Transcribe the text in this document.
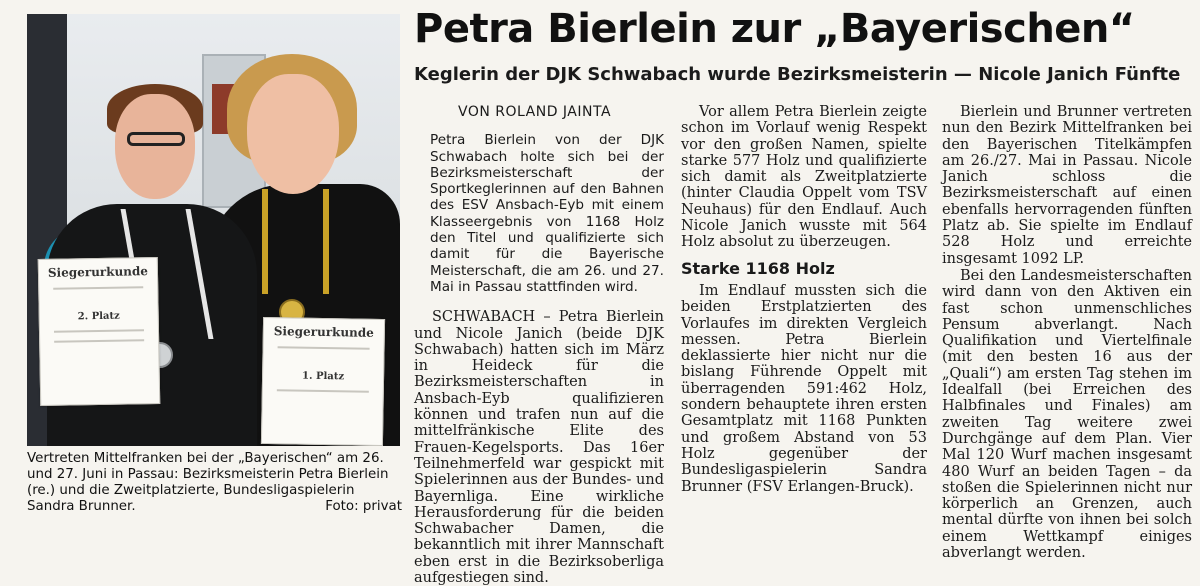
Siegerurkunde
2. Platz
Siegerurkunde
1. Platz
Vertreten Mittelfranken bei der „Bayerischen“ am 26. und 27. Juni in Passau: Bezirksmeisterin Petra Bierlein (re.) und die Zweitplatzierte, Bundesligaspielerin Sandra Brunner.	Foto: privat
Petra Bierlein zur „Bayerischen“
Keglerin der DJK Schwabach wurde Bezirksmeisterin — Nicole Janich Fünfte
VON ROLAND JAINTA

Petra Bierlein von der DJK Schwabach holte sich bei der Bezirksmeisterschaft der Sportkeglerinnen auf den Bahnen des ESV Ansbach-Eyb mit einem Klasseergebnis von 1168 Holz den Titel und qualifizierte sich damit für die Bayerische Meisterschaft, die am 26. und 27. Mai in Passau stattfinden wird.

SCHWABACH – Petra Bierlein und Nicole Janich (beide DJK Schwabach) hatten sich im März in Heideck für die Bezirksmeisterschaften in Ansbach-Eyb qualifizieren können und trafen nun auf die mittelfränkische Elite des Frauen-Kegelsports. Das 16er Teilnehmerfeld war gespickt mit Spielerinnen aus der Bundes- und Bayernliga. Eine wirkliche Herausforderung für die beiden Schwabacher Damen, die bekanntlich mit ihrer Mannschaft eben erst in die Bezirksoberliga aufgestiegen sind.

Vor allem Petra Bierlein zeigte schon im Vorlauf wenig Respekt vor den großen Namen, spielte starke 577 Holz und qualifizierte sich damit als Zweitplatzierte (hinter Claudia Oppelt vom TSV Neuhaus) für den Endlauf. Auch Nicole Janich wusste mit 564 Holz absolut zu überzeugen.

Starke 1168 Holz

Im Endlauf mussten sich die beiden Erstplatzierten des Vorlaufes im direkten Vergleich messen. Petra Bierlein deklassierte hier nicht nur die bislang Führende Oppelt mit überragenden 591:462 Holz, sondern behauptete ihren ersten Gesamtplatz mit 1168 Punkten und großem Abstand von 53 Holz gegenüber der Bundesligaspielerin Sandra Brunner (FSV Erlangen-Bruck).

Bierlein und Brunner vertreten nun den Bezirk Mittelfranken bei den Bayerischen Titelkämpfen am 26./27. Mai in Passau. Nicole Janich schloss die Bezirksmeisterschaft auf einen ebenfalls hervorragenden fünften Platz ab. Sie spielte im Endlauf 528 Holz und erreichte insgesamt 1092 LP.

Bei den Landesmeisterschaften wird dann von den Aktiven ein fast schon unmenschliches Pensum abverlangt. Nach Qualifikation und Viertelfinale (mit den besten 16 aus der „Quali“) am ersten Tag stehen im Idealfall (bei Erreichen des Halbfinales und Finales) am zweiten Tag weitere zwei Durchgänge auf dem Plan. Vier Mal 120 Wurf machen insgesamt 480 Wurf an beiden Tagen – da stoßen die Spielerinnen nicht nur körperlich an Grenzen, auch mental dürfte von ihnen bei solch einem Wettkampf einiges abverlangt werden.
